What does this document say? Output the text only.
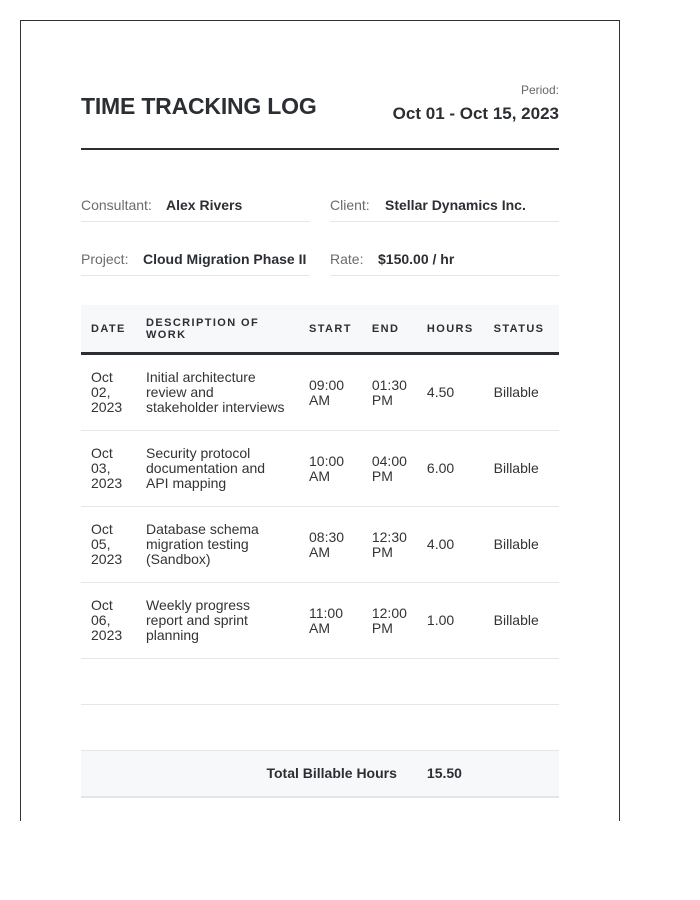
TIME TRACKING LOG
Period:
Oct 01 - Oct 15, 2023
Consultant: Alex Rivers	Client: Stellar Dynamics Inc.
Project: Cloud Migration Phase II Rate: $150.00 / hr
DATE	DESCRIPTION OF WORK	START	END	HOURS	STATUS
Oct 02, 2023	Initial architecture review and stakeholder interviews	09:00 AM	01:30 PM	4.50	Billable
Oct 03, 2023	Security protocol documentation and API mapping	10:00 AM	04:00 PM	6.00	Billable
Oct 05, 2023	Database schema migration testing (Sandbox)	08:30 AM	12:30 PM	4.00	Billable
Oct 06, 2023	Weekly progress report and sprint planning	11:00 AM	12:00 PM	1.00	Billable

Total Billable Hours				15.50	
